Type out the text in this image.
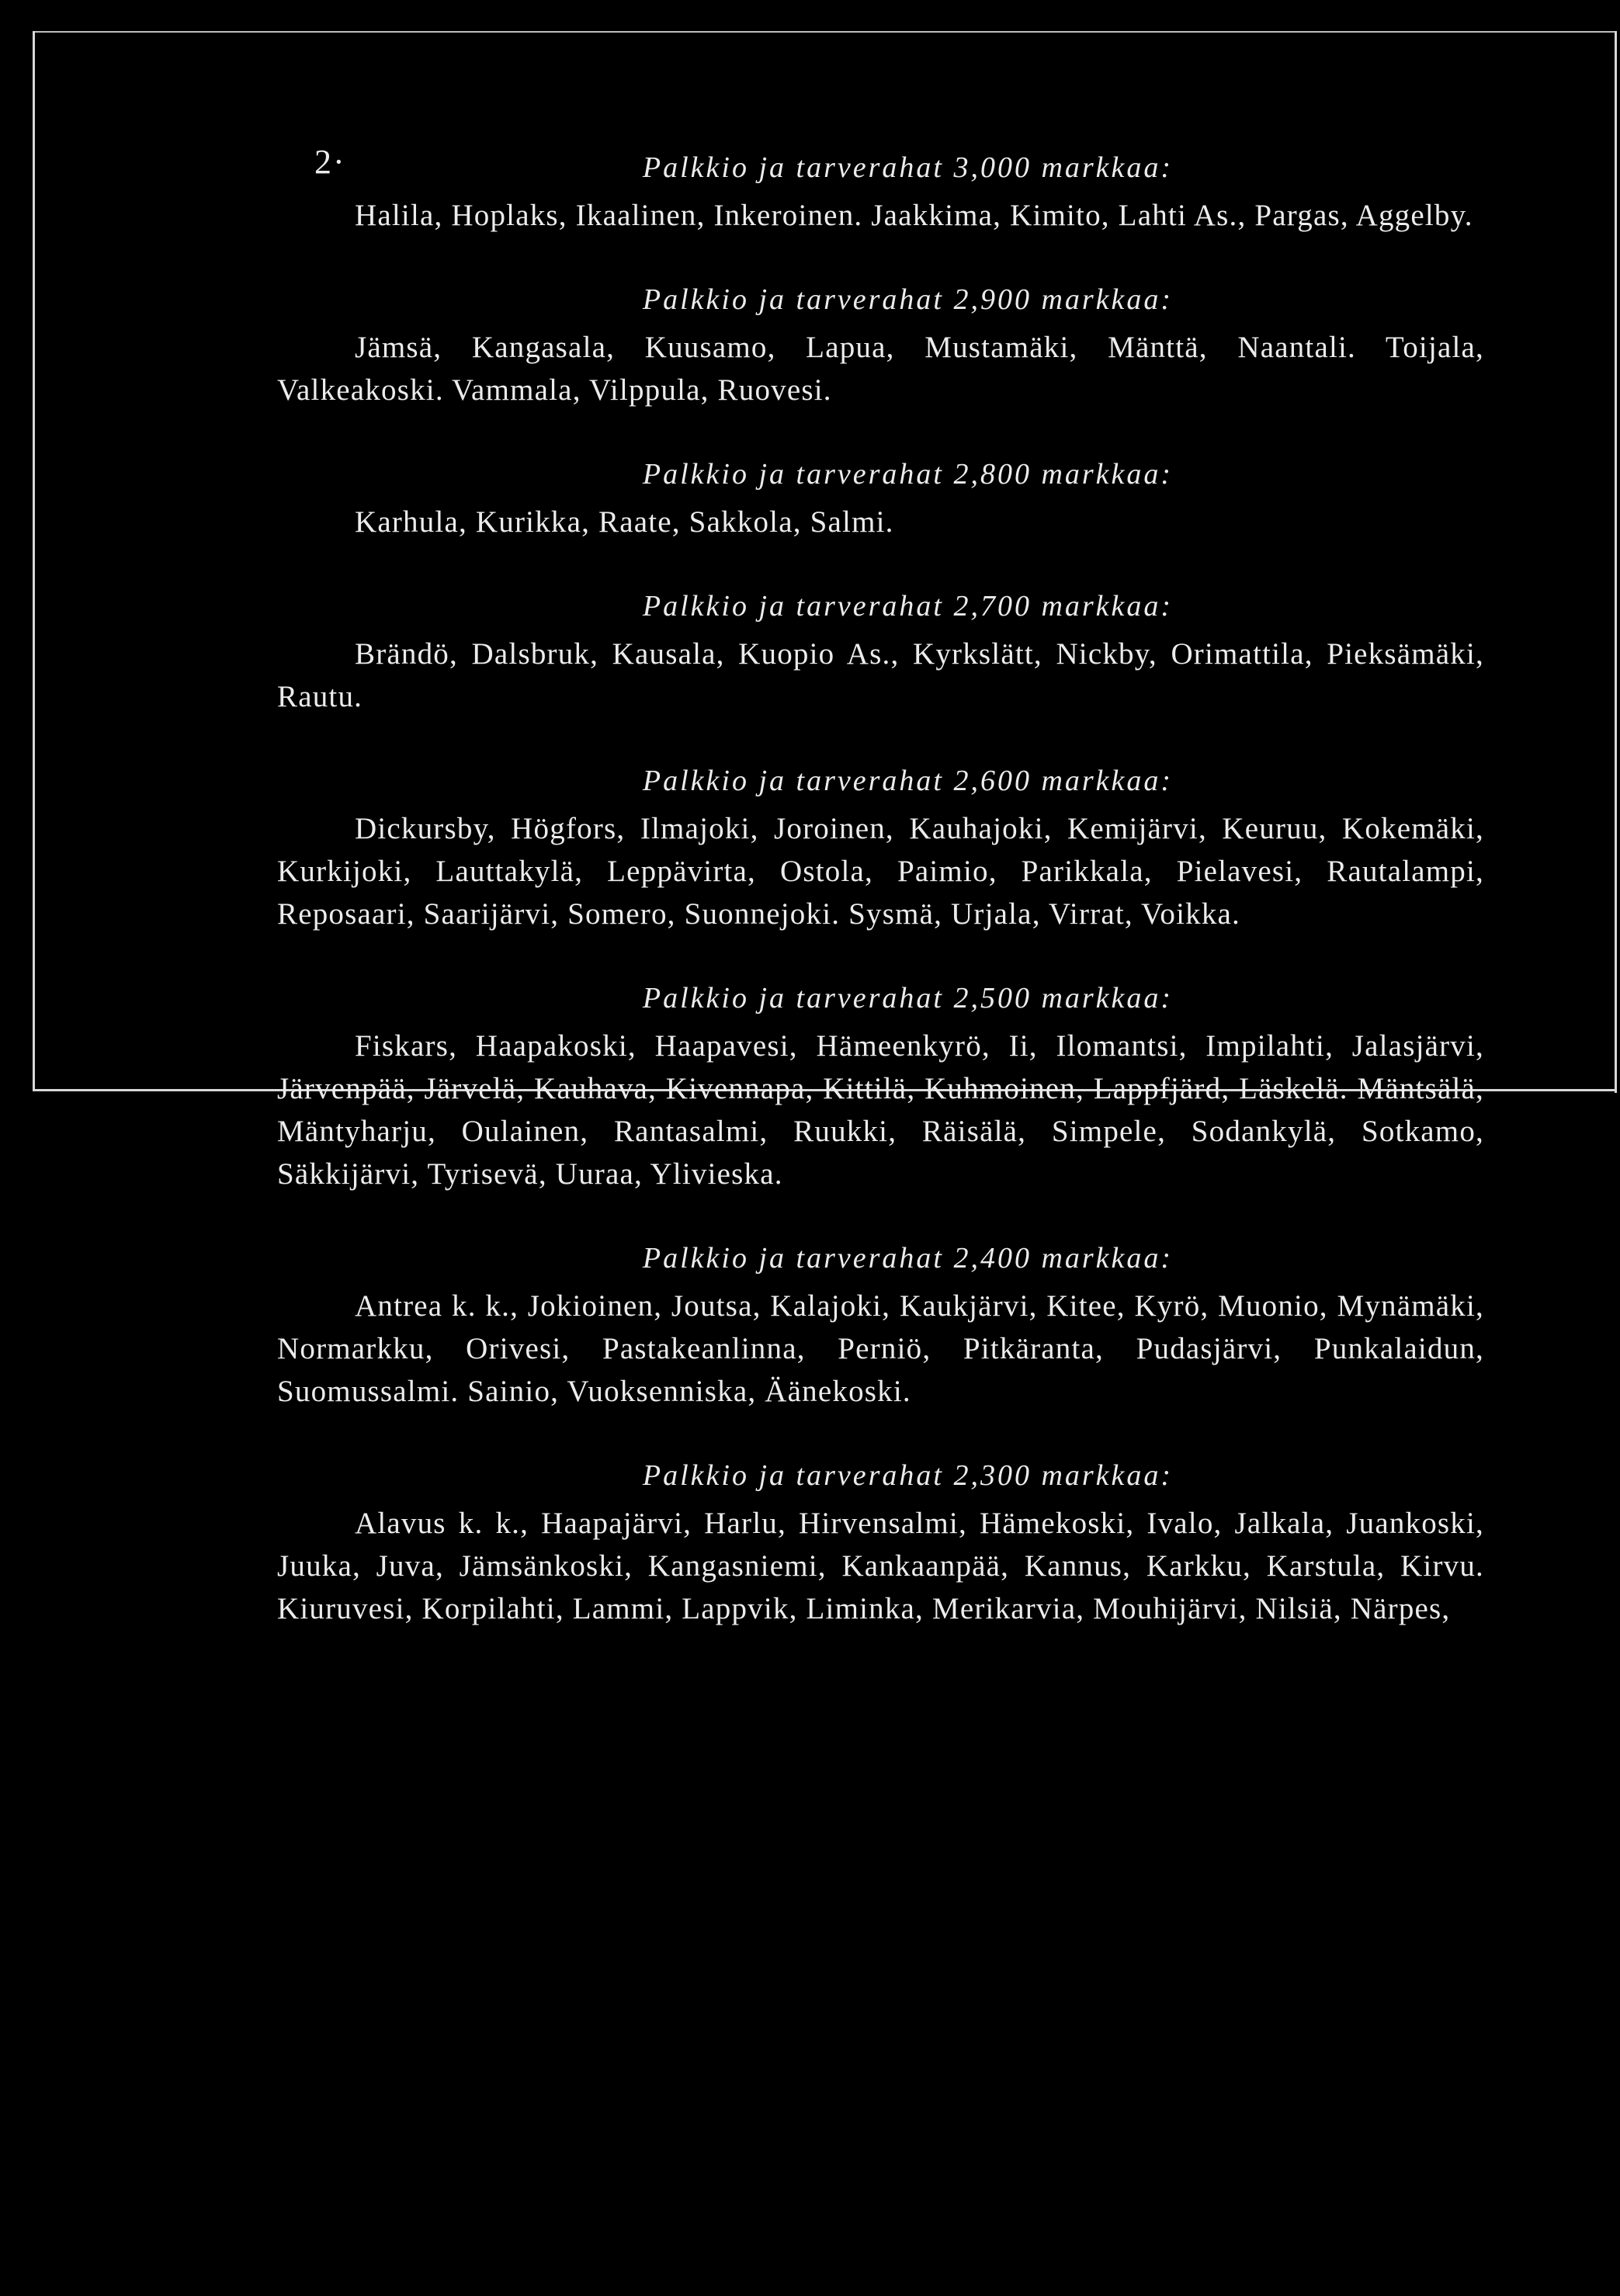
2·	Palkkio ja tarverahat 3,000 markkaa:

Halila, Hoplaks, Ikaalinen, Inkeroinen. Jaakkima, Kimito, Lahti As., Pargas, Aggelby.

Palkkio ja tarverahat 2,900 markkaa:

Jämsä, Kangasala, Kuusamo, Lapua, Mustamäki, Mänttä, Naantali. Toijala, Valkeakoski. Vammala, Vilppula, Ruovesi.

Palkkio ja tarverahat 2,800 markkaa:

Karhula, Kurikka, Raate, Sakkola, Salmi.

Palkkio ja tarverahat 2,700 markkaa:

Brändö, Dalsbruk, Kausala, Kuopio As., Kyrkslätt, Nickby, Orimattila, Pieksämäki, Rautu.

Palkkio ja tarverahat 2,600 markkaa:

Dickursby, Högfors, Ilmajoki, Joroinen, Kauhajoki, Kemijärvi, Keuruu, Kokemäki, Kurkijoki, Lauttakylä, Leppävirta, Ostola, Paimio, Parikkala, Pielavesi, Rautalampi, Reposaari, Saarijärvi, Somero, Suonnejoki. Sysmä, Urjala, Virrat, Voikka.

Palkkio ja tarverahat 2,500 markkaa:

Fiskars, Haapakoski, Haapavesi, Hämeenkyrö, Ii, Ilomantsi, Impilahti, Jalasjärvi, Järvenpää, Järvelä, Kauhava, Kivennapa, Kittilä, Kuhmoinen, Lappfjärd, Läskelä. Mäntsälä, Mäntyharju, Oulainen, Rantasalmi, Ruukki, Räisälä, Simpele, Sodankylä, Sotkamo, Säkkijärvi, Tyrisevä, Uuraa, Ylivieska.

Palkkio ja tarverahat 2,400 markkaa:

Antrea k. k., Jokioinen, Joutsa, Kalajoki, Kaukjärvi, Kitee, Kyrö, Muonio, Mynämäki, Normarkku, Orivesi, Pastakeanlinna, Perniö, Pitkäranta, Pudasjärvi, Punkalaidun, Suomussalmi. Sainio, Vuoksenniska, Äänekoski.

Palkkio ja tarverahat 2,300 markkaa:

Alavus k. k., Haapajärvi, Harlu, Hirvensalmi, Hämekoski, Ivalo, Jalkala, Juankoski, Juuka, Juva, Jämsänkoski, Kangasniemi, Kankaanpää, Kannus, Karkku, Karstula, Kirvu. Kiuruvesi, Korpilahti, Lammi, Lappvik, Liminka, Merikarvia, Mouhijärvi, Nilsiä, Närpes,
